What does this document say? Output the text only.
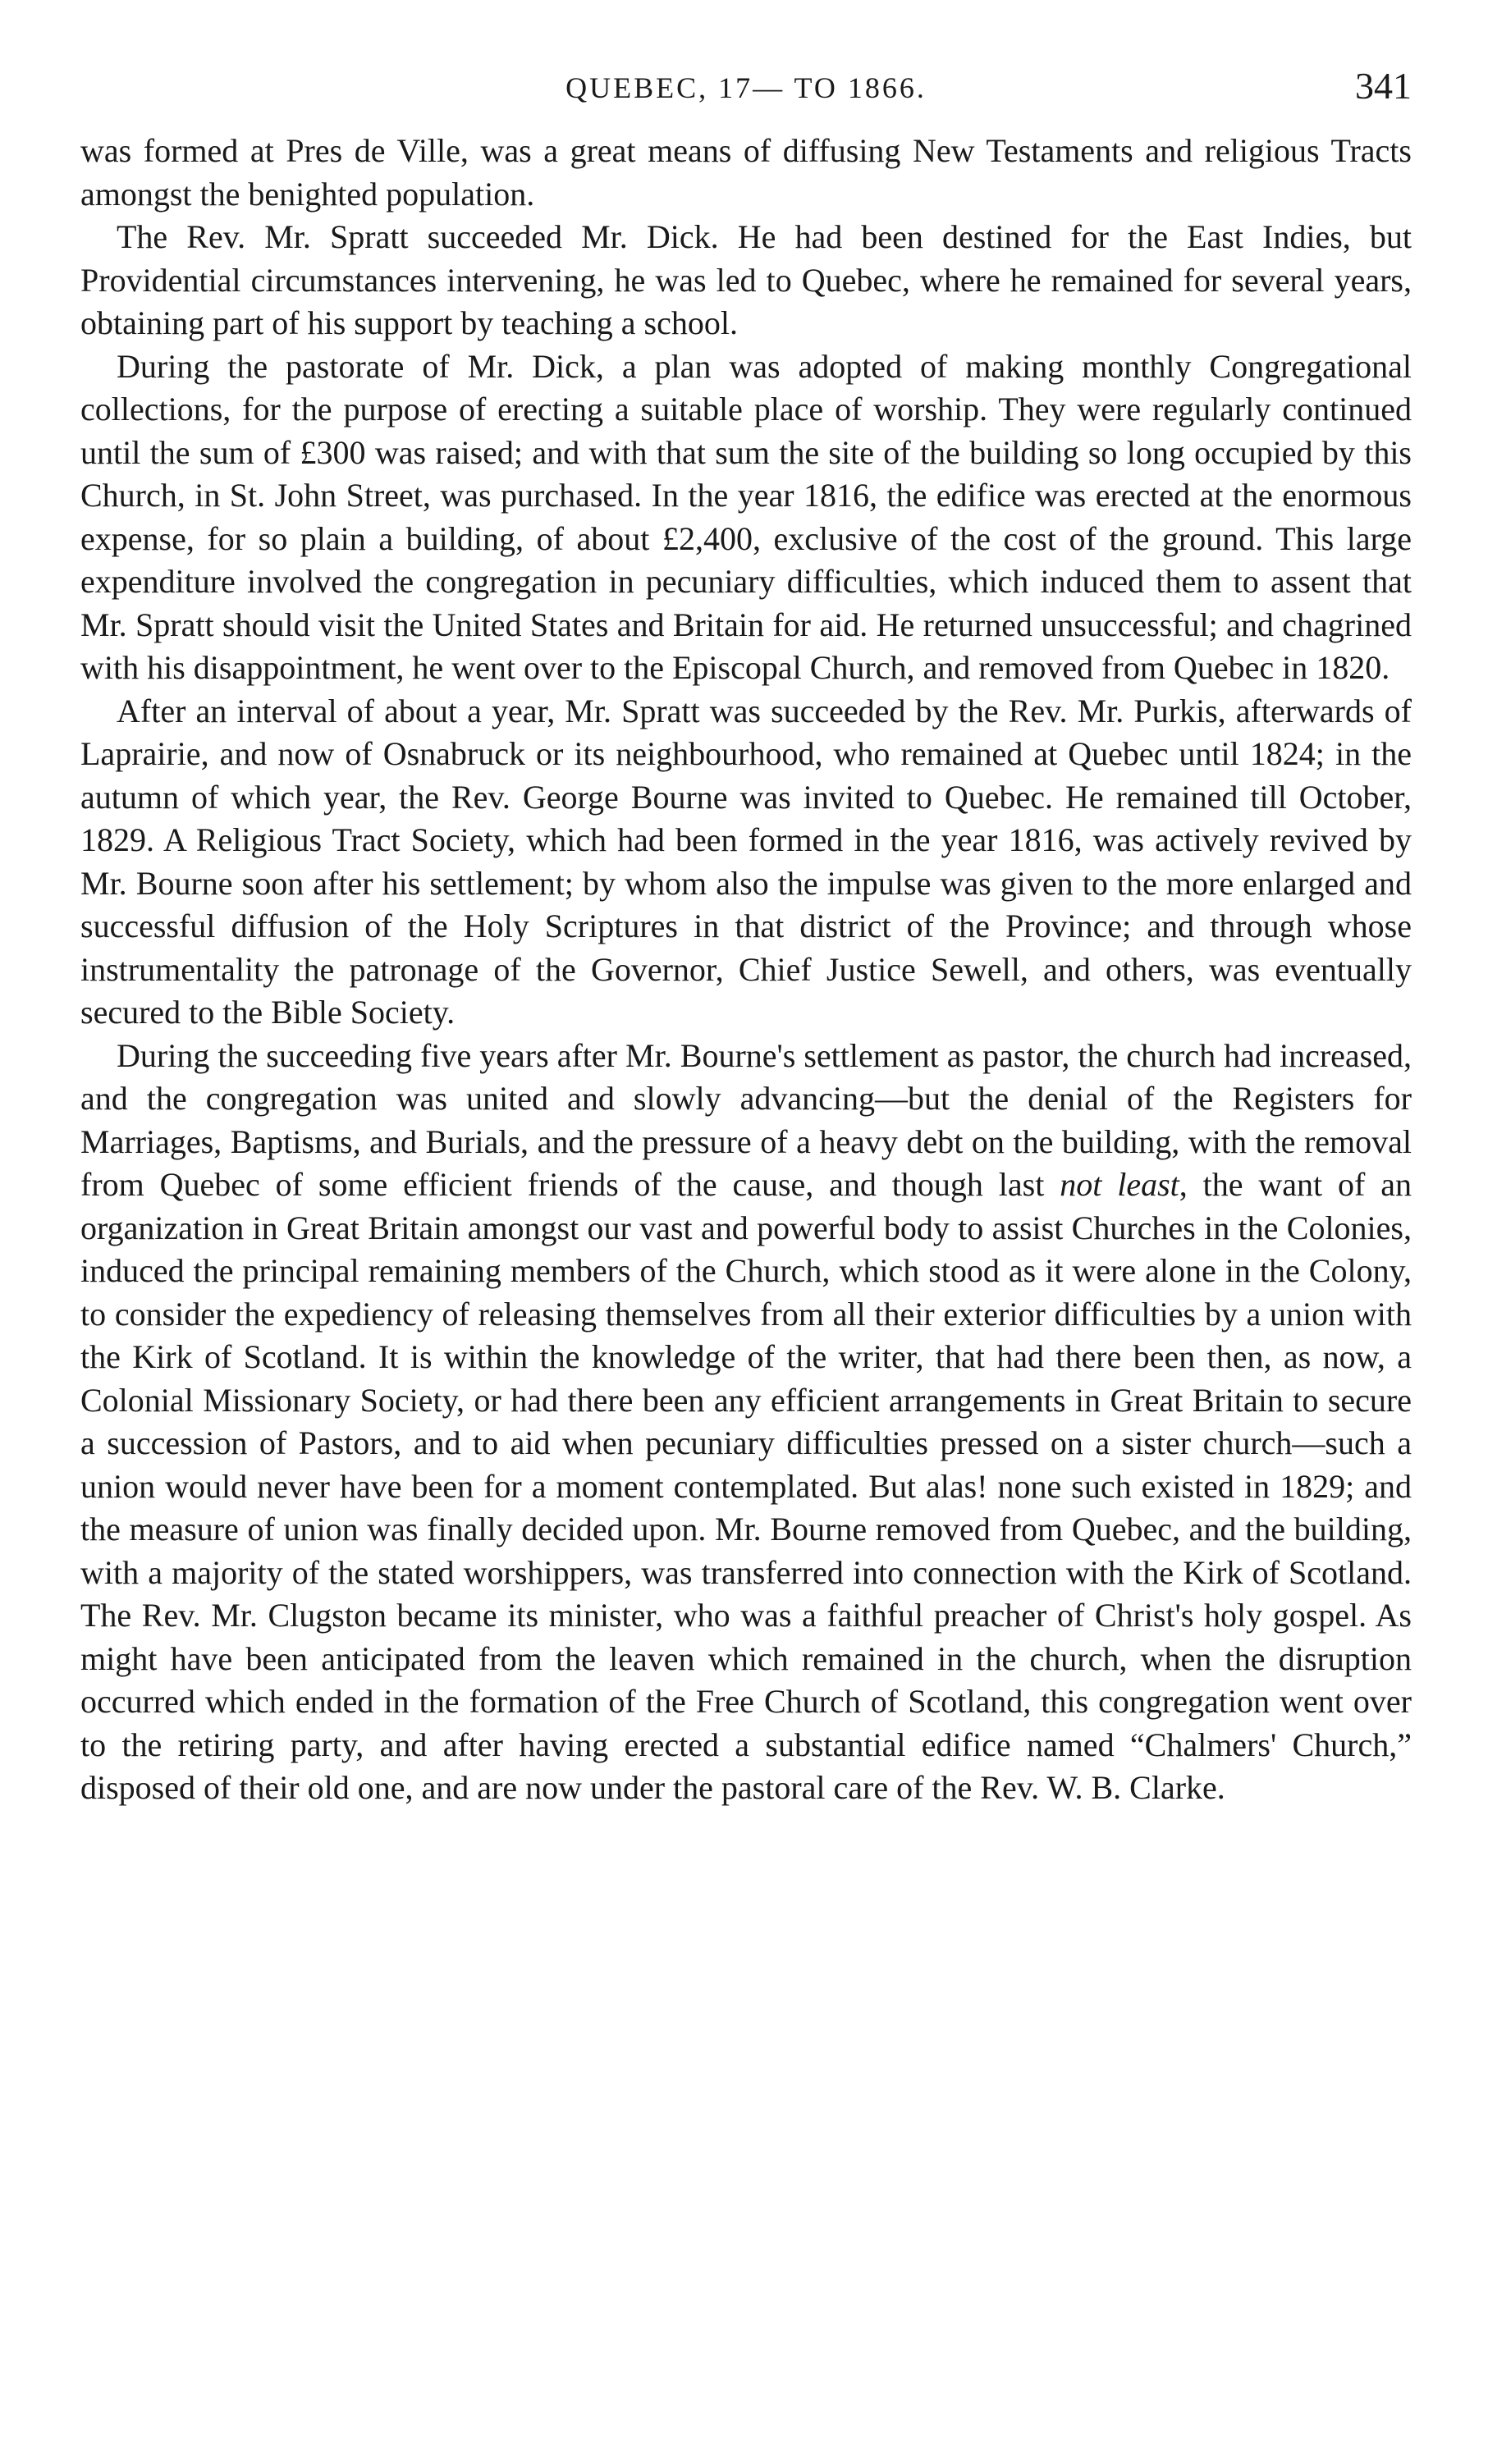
QUEBEC, 17— TO 1866.	341

was formed at Pres de Ville, was a great means of diffusing New Testaments and religious Tracts amongst the benighted population.

The Rev. Mr. Spratt succeeded Mr. Dick. He had been destined for the East Indies, but Providential circumstances intervening, he was led to Quebec, where he remained for several years, obtaining part of his support by teaching a school.

During the pastorate of Mr. Dick, a plan was adopted of making monthly Congregational collections, for the purpose of erecting a suitable place of worship. They were regularly continued until the sum of £300 was raised; and with that sum the site of the building so long occupied by this Church, in St. John Street, was purchased. In the year 1816, the edifice was erected at the enormous expense, for so plain a building, of about £2,400, exclusive of the cost of the ground. This large expenditure involved the congregation in pecuniary difficulties, which induced them to assent that Mr. Spratt should visit the United States and Britain for aid. He returned unsuccessful; and chagrined with his disappointment, he went over to the Episcopal Church, and removed from Quebec in 1820.

After an interval of about a year, Mr. Spratt was succeeded by the Rev. Mr. Purkis, afterwards of Laprairie, and now of Osnabruck or its neighbourhood, who remained at Quebec until 1824; in the autumn of which year, the Rev. George Bourne was invited to Quebec. He remained till October, 1829. A Religious Tract Society, which had been formed in the year 1816, was actively revived by Mr. Bourne soon after his settlement; by whom also the impulse was given to the more enlarged and successful diffusion of the Holy Scriptures in that district of the Province; and through whose instrumentality the patronage of the Governor, Chief Justice Sewell, and others, was eventually secured to the Bible Society.

During the succeeding five years after Mr. Bourne's settlement as pastor, the church had increased, and the congregation was united and slowly advancing—but the denial of the Registers for Marriages, Baptisms, and Burials, and the pressure of a heavy debt on the building, with the removal from Quebec of some efficient friends of the cause, and though last not least, the want of an organization in Great Britain amongst our vast and powerful body to assist Churches in the Colonies, induced the principal remaining members of the Church, which stood as it were alone in the Colony, to consider the expediency of releasing themselves from all their exterior difficulties by a union with the Kirk of Scotland. It is within the knowledge of the writer, that had there been then, as now, a Colonial Missionary Society, or had there been any efficient arrangements in Great Britain to secure a succession of Pastors, and to aid when pecuniary difficulties pressed on a sister church—such a union would never have been for a moment contemplated. But alas! none such existed in 1829; and the measure of union was finally decided upon. Mr. Bourne removed from Quebec, and the building, with a majority of the stated worshippers, was transferred into connection with the Kirk of Scotland. The Rev. Mr. Clugston became its minister, who was a faithful preacher of Christ's holy gospel. As might have been anticipated from the leaven which remained in the church, when the disruption occurred which ended in the formation of the Free Church of Scotland, this congregation went over to the retiring party, and after having erected a substantial edifice named “Chalmers' Church,” disposed of their old one, and are now under the pastoral care of the Rev. W. B. Clarke.
